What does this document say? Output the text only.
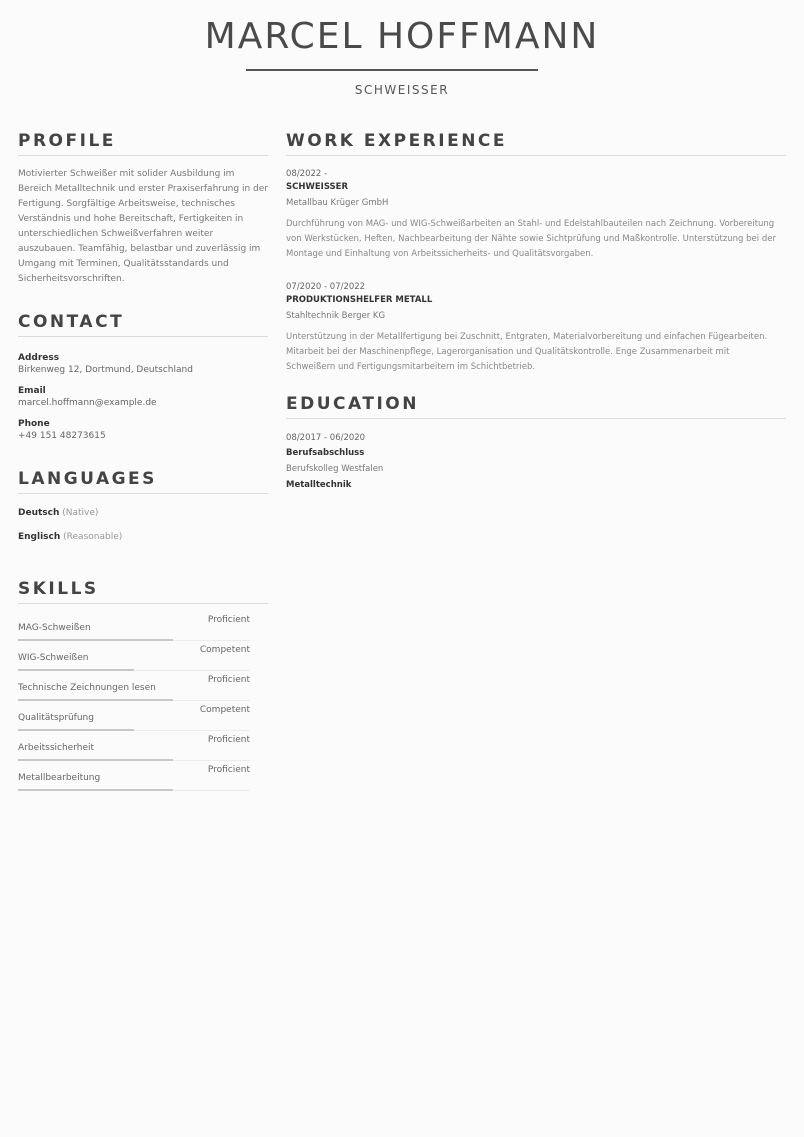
MARCEL HOFFMANN
SCHWEISSER
PROFILE
Motivierter Schweißer mit solider Ausbildung im Bereich Metalltechnik und erster Praxiserfahrung in der Fertigung. Sorgfältige Arbeitsweise, technisches Verständnis und hohe Bereitschaft, Fertigkeiten in unterschiedlichen Schweißverfahren weiter auszubauen. Teamfähig, belastbar und zuverlässig im Umgang mit Terminen, Qualitätsstandards und Sicherheitsvorschriften.
CONTACT
Address
Birkenweg 12, Dortmund, Deutschland
Email
marcel.hoffmann@example.de
Phone
+49 151 48273615
LANGUAGES
Deutsch (Native)
Englisch (Reasonable)
SKILLS
MAG-Schweißen
Proficient
WIG-Schweißen
Competent
Technische Zeichnungen lesen
Proficient
Qualitätsprüfung
Competent
Arbeitssicherheit
Proficient
Metallbearbeitung
Proficient
WORK EXPERIENCE
08/2022 -
SCHWEISSER
Metallbau Krüger GmbH
Durchführung von MAG- und WIG-Schweißarbeiten an Stahl- und Edelstahlbauteilen nach Zeichnung. Vorbereitung von Werkstücken, Heften, Nachbearbeitung der Nähte sowie Sichtprüfung und Maßkontrolle. Unterstützung bei der Montage und Einhaltung von Arbeitssicherheits- und Qualitätsvorgaben.
07/2020 - 07/2022
PRODUKTIONSHELFER METALL
Stahltechnik Berger KG
Unterstützung in der Metallfertigung bei Zuschnitt, Entgraten, Materialvorbereitung und einfachen Fügearbeiten. Mitarbeit bei der Maschinenpflege, Lagerorganisation und Qualitätskontrolle. Enge Zusammenarbeit mit Schweißern und Fertigungsmitarbeitern im Schichtbetrieb.
EDUCATION
08/2017 - 06/2020
Berufsabschluss
Berufskolleg Westfalen
Metalltechnik
